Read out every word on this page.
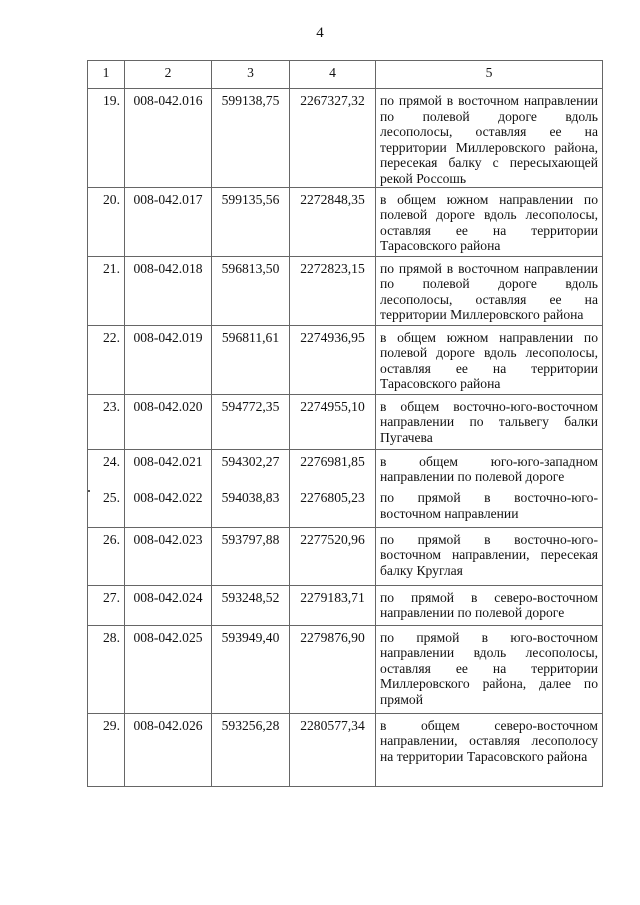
4
1	2	3	4	5
19.	008-042.016	599138,75	2267327,32	по прямой в восточном направлении по полевой дороге вдоль лесополосы, оставляя ее на территории Миллеровского района, пересекая балку с пересыхающей рекой Россошь
20.	008-042.017	599135,56	2272848,35	в общем южном направлении по полевой дороге вдоль лесополосы, оставляя ее на территории Тарасовского района
21.	008-042.018	596813,50	2272823,15	по прямой в восточном направлении по полевой дороге вдоль лесополосы, оставляя ее на территории Миллеровского района
22.	008-042.019	596811,61	2274936,95	в общем южном направлении по полевой дороге вдоль лесополосы, оставляя ее на территории Тарасовского района
23.	008-042.020	594772,35	2274955,10	в общем восточно-юго-восточном направлении по тальвегу балки Пугачева
24.	008-042.021	594302,27	2276981,85	в общем юго-юго-западном направлении по полевой дороге
25.	008-042.022	594038,83	2276805,23	по прямой в восточно-юго-восточном направлении
26.	008-042.023	593797,88	2277520,96	по прямой в восточно-юго-восточном направлении, пересекая балку Круглая
27.	008-042.024	593248,52	2279183,71	по прямой в северо-восточном направлении по полевой дороге
28.	008-042.025	593949,40	2279876,90	по прямой в юго-восточном направлении вдоль лесополосы, оставляя ее на территории Миллеровского района, далее по прямой
29.	008-042.026	593256,28	2280577,34	в общем северо-восточном направлении, оставляя лесополосу на территории Тарасовского района
